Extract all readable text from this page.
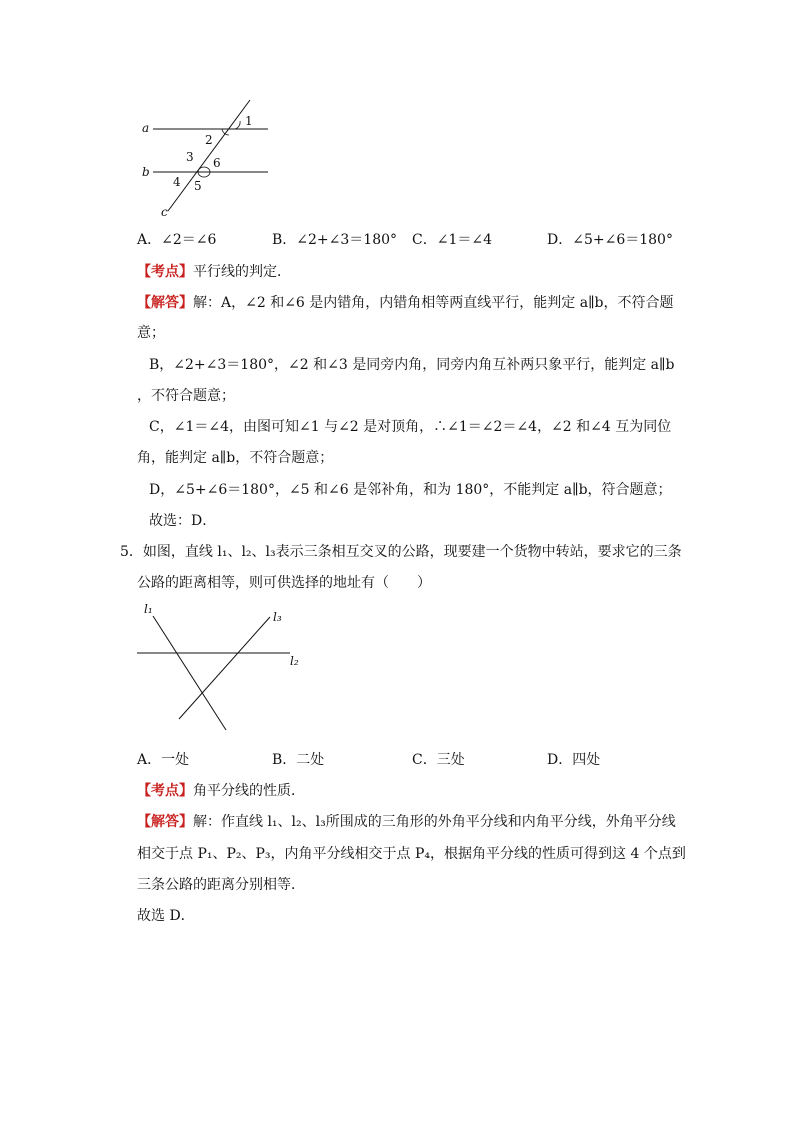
a
b
c
1
2
3 6
4 5
A．∠2＝∠6	B．∠2+∠3＝180° C．∠1＝∠4	D．∠5+∠6＝180°
【考点】平行线的判定．
【解答】解：A，∠2 和∠6 是内错角，内错角相等两直线平行，能判定 a∥b，不符合题
意；
B，∠2+∠3＝180°，∠2 和∠3 是同旁内角，同旁内角互补两只象平行，能判定 a∥b
，不符合题意；
C，∠1＝∠4，由图可知∠1 与∠2 是对顶角，∴∠1＝∠2＝∠4，∠2 和∠4 互为同位
角，能判定 a∥b，不符合题意；
D，∠5+∠6＝180°，∠5 和∠6 是邻补角，和为 180°，不能判定 a∥b，符合题意；
故选：D．
5．如图，直线 l₁、l₂、l₃表示三条相互交叉的公路，现要建一个货物中转站，要求它的三条
公路的距离相等，则可供选择的地址有（　　）
l₁
l₃
l₂
A．一处	B．二处	C．三处	D．四处
【考点】角平分线的性质．
【解答】解：作直线 l₁、l₂、l₃所围成的三角形的外角平分线和内角平分线，外角平分线
相交于点 P₁、P₂、P₃，内角平分线相交于点 P₄，根据角平分线的性质可得到这 4 个点到
三条公路的距离分别相等．
故选 D．
